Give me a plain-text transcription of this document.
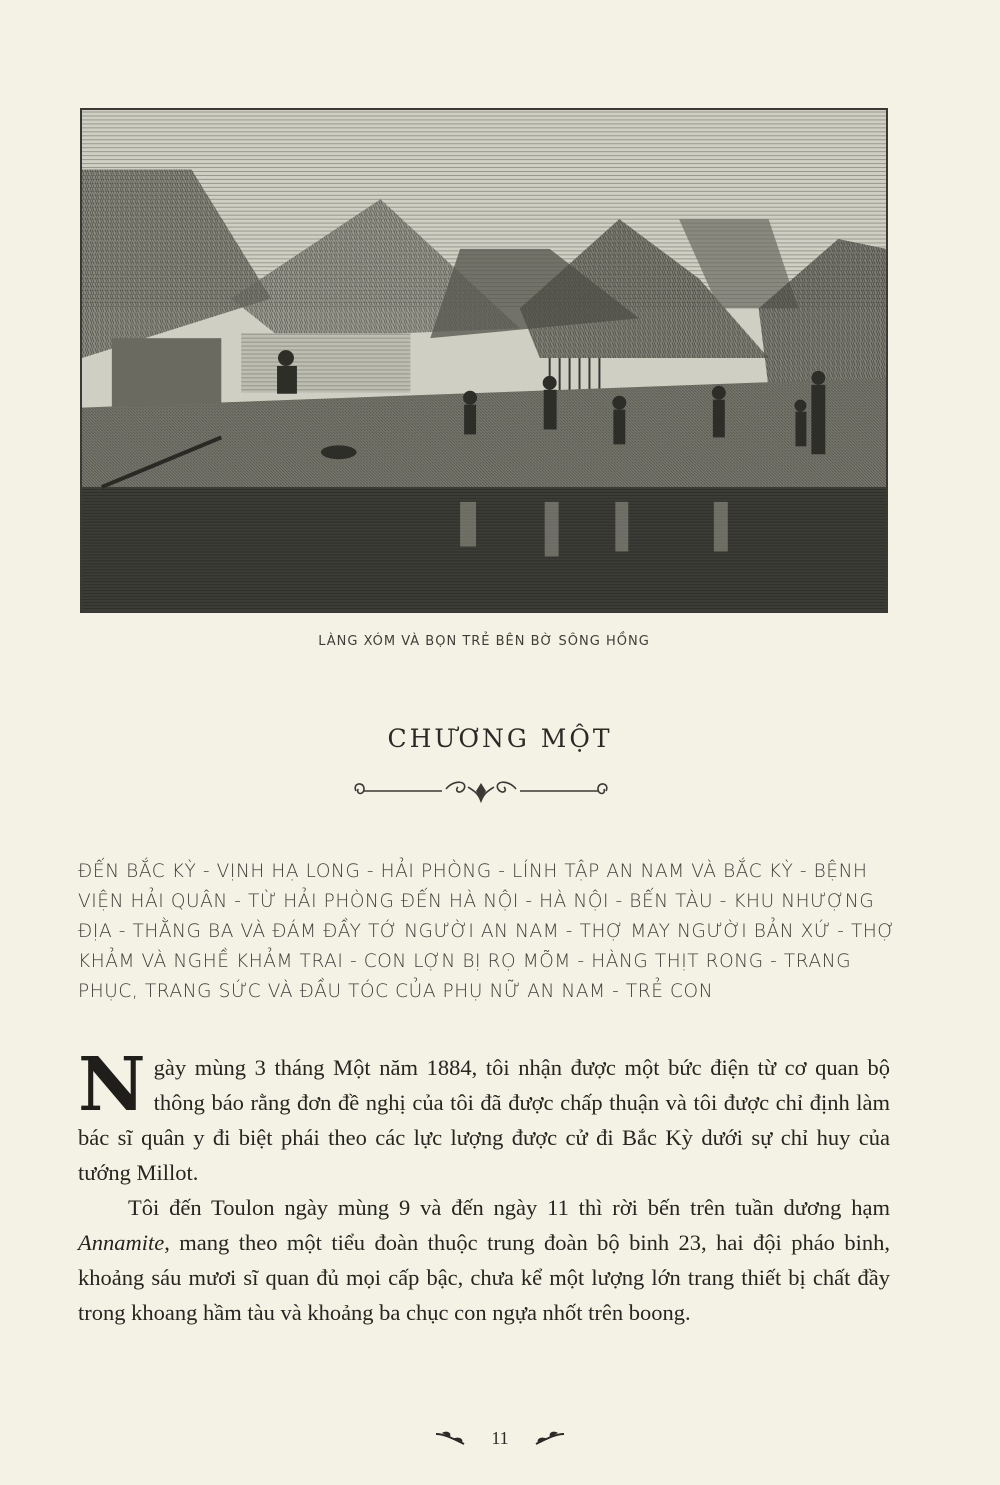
LÀNG XÓM VÀ BỌN TRẺ BÊN BỜ SÔNG HỒNG
CHƯƠNG MỘT
ĐẾN BẮC KỲ - VỊNH HẠ LONG - HẢI PHÒNG - LÍNH TẬP AN NAM VÀ BẮC KỲ - BỆNH VIỆN HẢI QUÂN - TỪ HẢI PHÒNG ĐẾN HÀ NỘI - HÀ NỘI - BẾN TÀU - KHU NHƯỢNG ĐỊA - THẰNG BA VÀ ĐÁM ĐẦY TỚ NGƯỜI AN NAM - THỢ MAY NGƯỜI BẢN XỨ - THỢ KHẢM VÀ NGHỀ KHẢM TRAI - CON LỢN BỊ RỌ MÕM - HÀNG THỊT RONG - TRANG PHỤC, TRANG SỨC VÀ ĐẦU TÓC CỦA PHỤ NỮ AN NAM - TRẺ CON

Ngày mùng 3 tháng Một năm 1884, tôi nhận được một bức điện từ cơ quan bộ thông báo rằng đơn đề nghị của tôi đã được chấp thuận và tôi được chỉ định làm bác sĩ quân y đi biệt phái theo các lực lượng được cử đi Bắc Kỳ dưới sự chỉ huy của tướng Millot.

Tôi đến Toulon ngày mùng 9 và đến ngày 11 thì rời bến trên tuần dương hạm Annamite, mang theo một tiểu đoàn thuộc trung đoàn bộ binh 23, hai đội pháo binh, khoảng sáu mươi sĩ quan đủ mọi cấp bậc, chưa kể một lượng lớn trang thiết bị chất đầy trong khoang hầm tàu và khoảng ba chục con ngựa nhốt trên boong.

11
